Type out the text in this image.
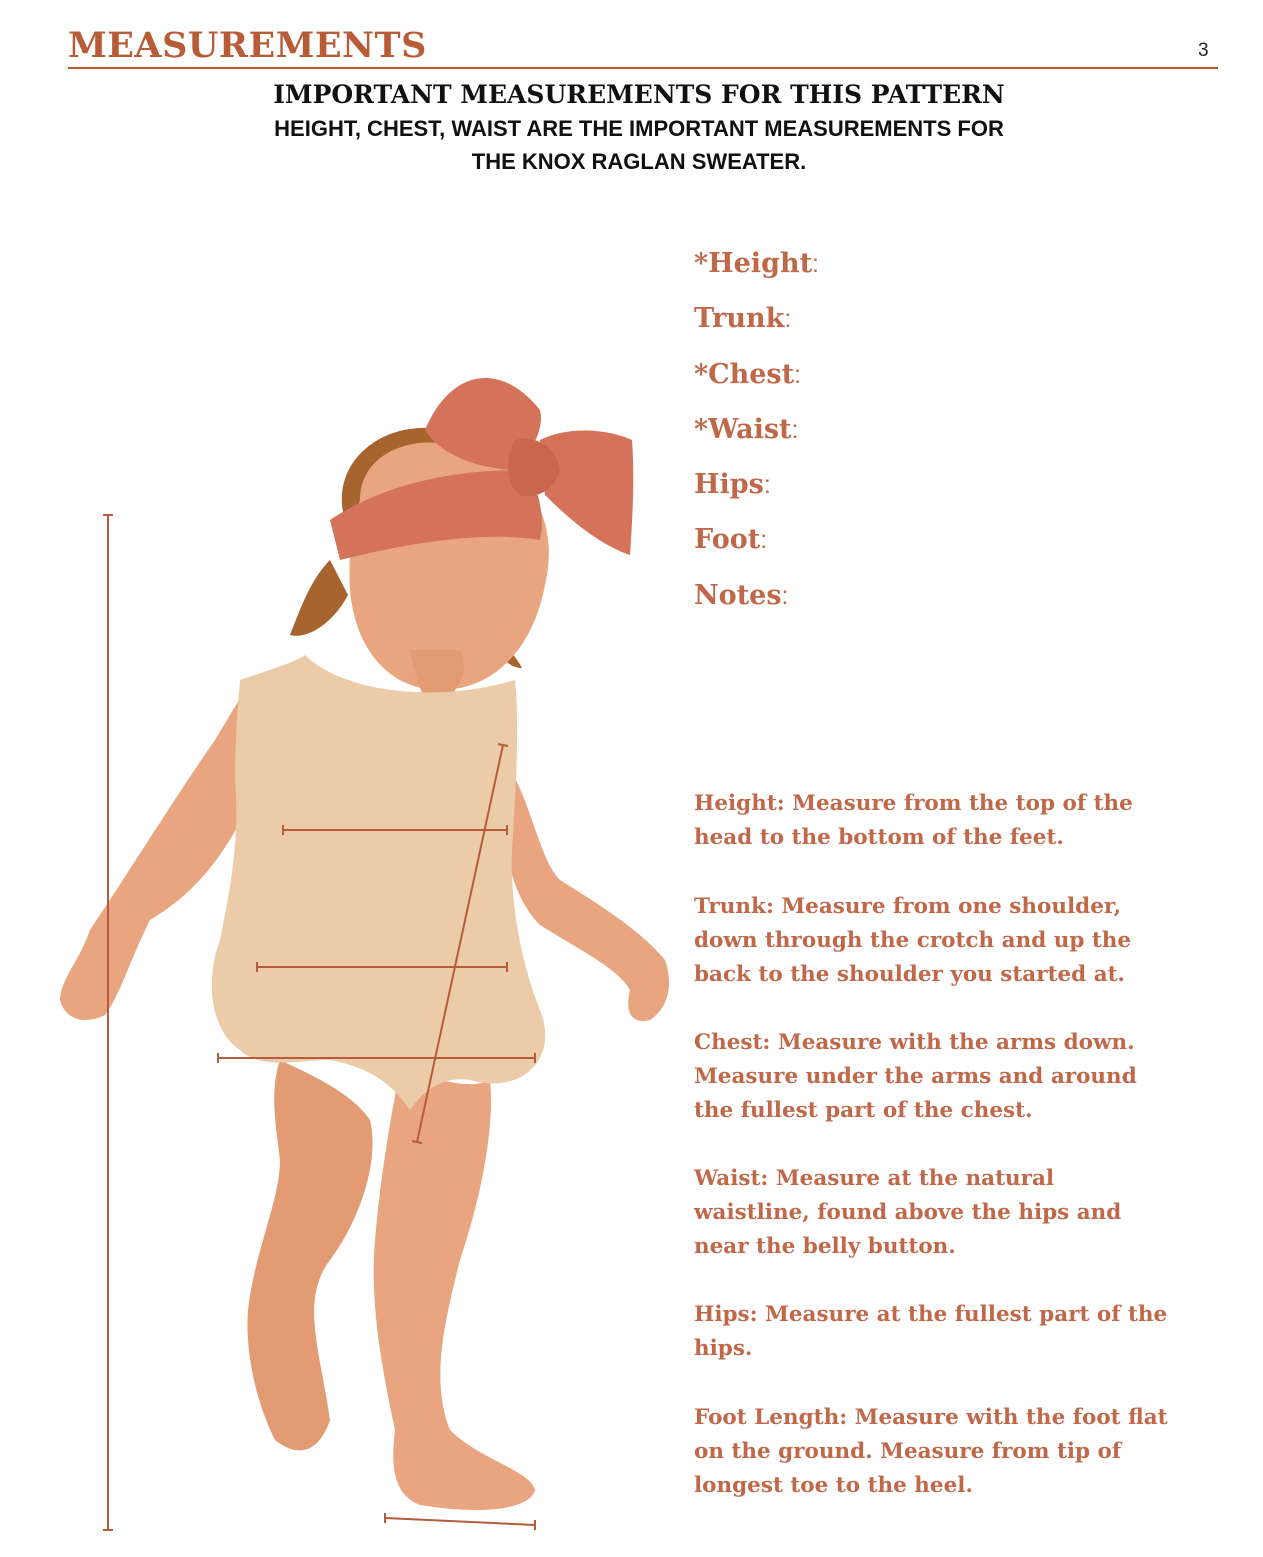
MEASUREMENTS	3
IMPORTANT MEASUREMENTS FOR THIS PATTERN
HEIGHT, CHEST, WAIST ARE THE IMPORTANT MEASUREMENTS FOR
THE KNOX RAGLAN SWEATER.
*Height:
Trunk:
*Chest:
*Waist:
Hips:
Foot:
Notes:
Height: Measure from the top of the
head to the bottom of the feet.
Trunk: Measure from one shoulder,
down through the crotch and up the
back to the shoulder you started at.
Chest: Measure with the arms down.
Measure under the arms and around
the fullest part of the chest.
Waist: Measure at the natural
waistline, found above the hips and
near the belly button.
Hips: Measure at the fullest part of the
hips.
Foot Length: Measure with the foot flat
on the ground. Measure from tip of
longest toe to the heel.
